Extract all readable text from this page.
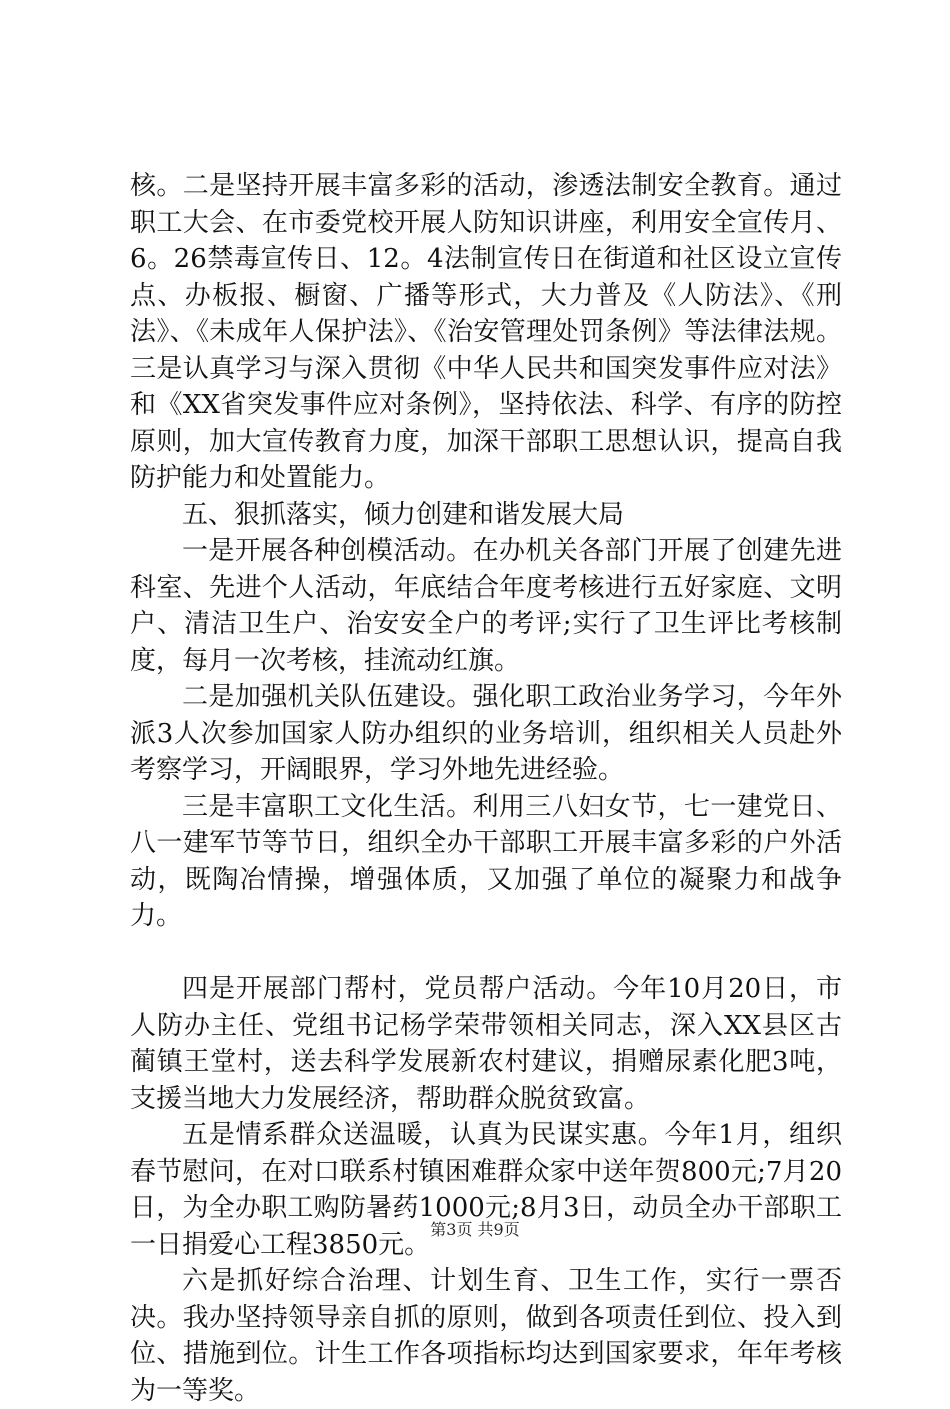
核。二是坚持开展丰富多彩的活动，渗透法制安全教育。通过职工大会、在市委党校开展人防知识讲座，利用安全宣传月、6。26禁毒宣传日、12。4法制宣传日在街道和社区设立宣传点、办板报、橱窗、广播等形式，大力普及《人防法》、《刑法》、《未成年人保护法》、《治安管理处罚条例》等法律法规。三是认真学习与深入贯彻《中华人民共和国突发事件应对法》和《XX省突发事件应对条例》，坚持依法、科学、有序的防控原则，加大宣传教育力度，加深干部职工思想认识，提高自我防护能力和处置能力。

五、狠抓落实，倾力创建和谐发展大局

一是开展各种创模活动。在办机关各部门开展了创建先进科室、先进个人活动，年底结合年度考核进行五好家庭、文明户、清洁卫生户、治安安全户的考评;实行了卫生评比考核制度，每月一次考核，挂流动红旗。

二是加强机关队伍建设。强化职工政治业务学习，今年外派3人次参加国家人防办组织的业务培训，组织相关人员赴外考察学习，开阔眼界，学习外地先进经验。

三是丰富职工文化生活。利用三八妇女节，七一建党日、八一建军节等节日，组织全办干部职工开展丰富多彩的户外活动，既陶冶情操，增强体质，又加强了单位的凝聚力和战争力。

四是开展部门帮村，党员帮户活动。今年10月20日，市人防办主任、党组书记杨学荣带领相关同志，深入XX县区古蔺镇王堂村，送去科学发展新农村建议，捐赠尿素化肥3吨，支援当地大力发展经济，帮助群众脱贫致富。

五是情系群众送温暖，认真为民谋实惠。今年1月，组织春节慰问，在对口联系村镇困难群众家中送年贺800元;7月20日，为全办职工购防暑药1000元;8月3日，动员全办干部职工一日捐爱心工程3850元。

六是抓好综合治理、计划生育、卫生工作，实行一票否决。我办坚持领导亲自抓的原则，做到各项责任到位、投入到位、措施到位。计生工作各项指标均达到国家要求，年年考核为一等奖。

第3页 共9页
